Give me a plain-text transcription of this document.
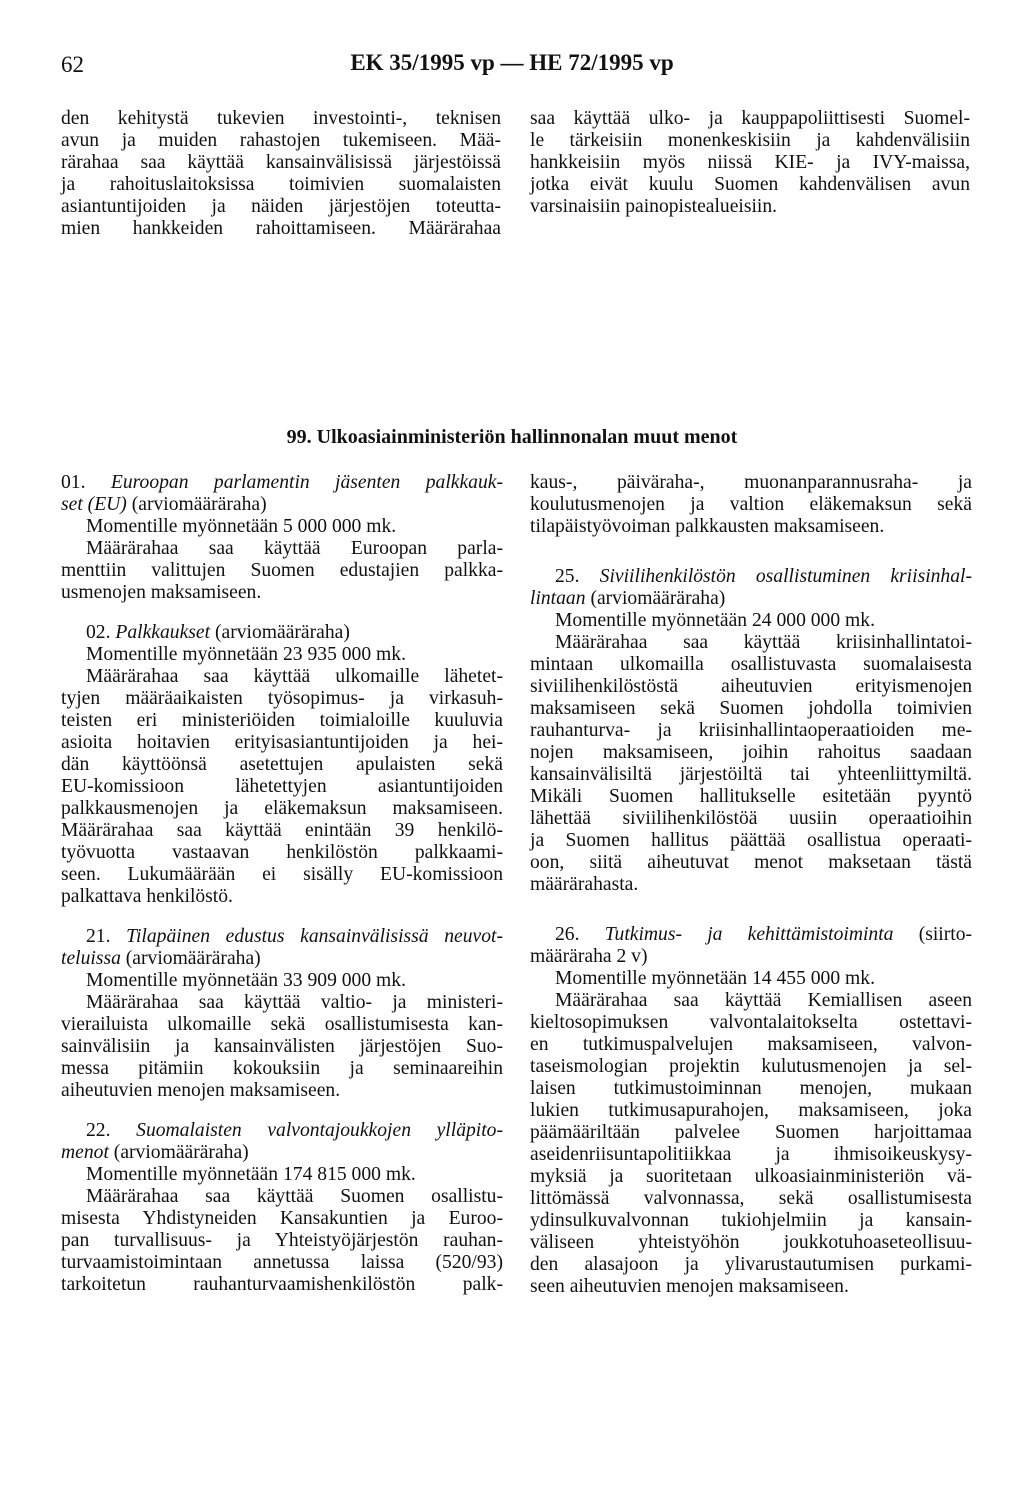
62	EK 35/1995 vp — HE 72/1995 vp
den kehitystä tukevien investointi-, teknisen
avun ja muiden rahastojen tukemiseen. Mää-
rärahaa saa käyttää kansainvälisissä järjestöissä
ja rahoituslaitoksissa toimivien suomalaisten
asiantuntijoiden ja näiden järjestöjen toteutta-
mien hankkeiden rahoittamiseen. Määrärahaa
saa käyttää ulko- ja kauppapoliittisesti Suomel-
le tärkeisiin monenkeskisiin ja kahdenvälisiin
hankkeisiin myös niissä KIE- ja IVY-maissa,
jotka eivät kuulu Suomen kahdenvälisen avun
varsinaisiin painopistealueisiin.
99. Ulkoasiainministeriön hallinnonalan muut menot
01. Euroopan parlamentin jäsenten palkkauk-
set (EU) (arviomääräraha)
Momentille myönnetään 5 000 000 mk.
Määrärahaa saa käyttää Euroopan parla-
menttiin valittujen Suomen edustajien palkka-
usmenojen maksamiseen.
02. Palkkaukset (arviomääräraha)
Momentille myönnetään 23 935 000 mk.
Määrärahaa saa käyttää ulkomaille lähetet-
tyjen määräaikaisten työsopimus- ja virkasuh-
teisten eri ministeriöiden toimialoille kuuluvia
asioita hoitavien erityisasiantuntijoiden ja hei-
dän käyttöönsä asetettujen apulaisten sekä
EU-komissioon lähetettyjen asiantuntijoiden
palkkausmenojen ja eläkemaksun maksamiseen.
Määrärahaa saa käyttää enintään 39 henkilö-
työvuotta vastaavan henkilöstön palkkaami-
seen. Lukumäärään ei sisälly EU-komissioon
palkattava henkilöstö.
21. Tilapäinen edustus kansainvälisissä neuvot-
teluissa (arviomääräraha)
Momentille myönnetään 33 909 000 mk.
Määrärahaa saa käyttää valtio- ja ministeri-
vierailuista ulkomaille sekä osallistumisesta kan-
sainvälisiin ja kansainvälisten järjestöjen Suo-
messa pitämiin kokouksiin ja seminaareihin
aiheutuvien menojen maksamiseen.
22. Suomalaisten valvontajoukkojen ylläpito-
menot (arviomääräraha)
Momentille myönnetään 174 815 000 mk.
Määrärahaa saa käyttää Suomen osallistu-
misesta Yhdistyneiden Kansakuntien ja Euroo-
pan turvallisuus- ja Yhteistyöjärjestön rauhan-
turvaamistoimintaan annetussa laissa (520/93)
tarkoitetun rauhanturvaamishenkilöstön palk-
kaus-, päiväraha-, muonanparannusraha- ja
koulutusmenojen ja valtion eläkemaksun sekä
tilapäistyövoiman palkkausten maksamiseen.
25. Siviilihenkilöstön osallistuminen kriisinhal-
lintaan (arviomääräraha)
Momentille myönnetään 24 000 000 mk.
Määrärahaa saa käyttää kriisinhallintatoi-
mintaan ulkomailla osallistuvasta suomalaisesta
siviilihenkilöstöstä aiheutuvien erityismenojen
maksamiseen sekä Suomen johdolla toimivien
rauhanturva- ja kriisinhallintaoperaatioiden me-
nojen maksamiseen, joihin rahoitus saadaan
kansainvälisiltä järjestöiltä tai yhteenliittymiltä.
Mikäli Suomen hallitukselle esitetään pyyntö
lähettää siviilihenkilöstöä uusiin operaatioihin
ja Suomen hallitus päättää osallistua operaati-
oon, siitä aiheutuvat menot maksetaan tästä
määrärahasta.
26. Tutkimus- ja kehittämistoiminta (siirto-
määräraha 2 v)
Momentille myönnetään 14 455 000 mk.
Määrärahaa saa käyttää Kemiallisen aseen
kieltosopimuksen valvontalaitokselta ostettavi-
en tutkimuspalvelujen maksamiseen, valvon-
taseismologian projektin kulutusmenojen ja sel-
laisen tutkimustoiminnan menojen, mukaan
lukien tutkimusapurahojen, maksamiseen, joka
päämääriltään palvelee Suomen harjoittamaa
aseidenriisuntapolitiikkaa ja ihmisoikeuskysy-
myksiä ja suoritetaan ulkoasiainministeriön vä-
littömässä valvonnassa, sekä osallistumisesta
ydinsulkuvalvonnan tukiohjelmiin ja kansain-
väliseen yhteistyöhön joukkotuhoaseteollisuu-
den alasajoon ja ylivarustautumisen purkami-
seen aiheutuvien menojen maksamiseen.
